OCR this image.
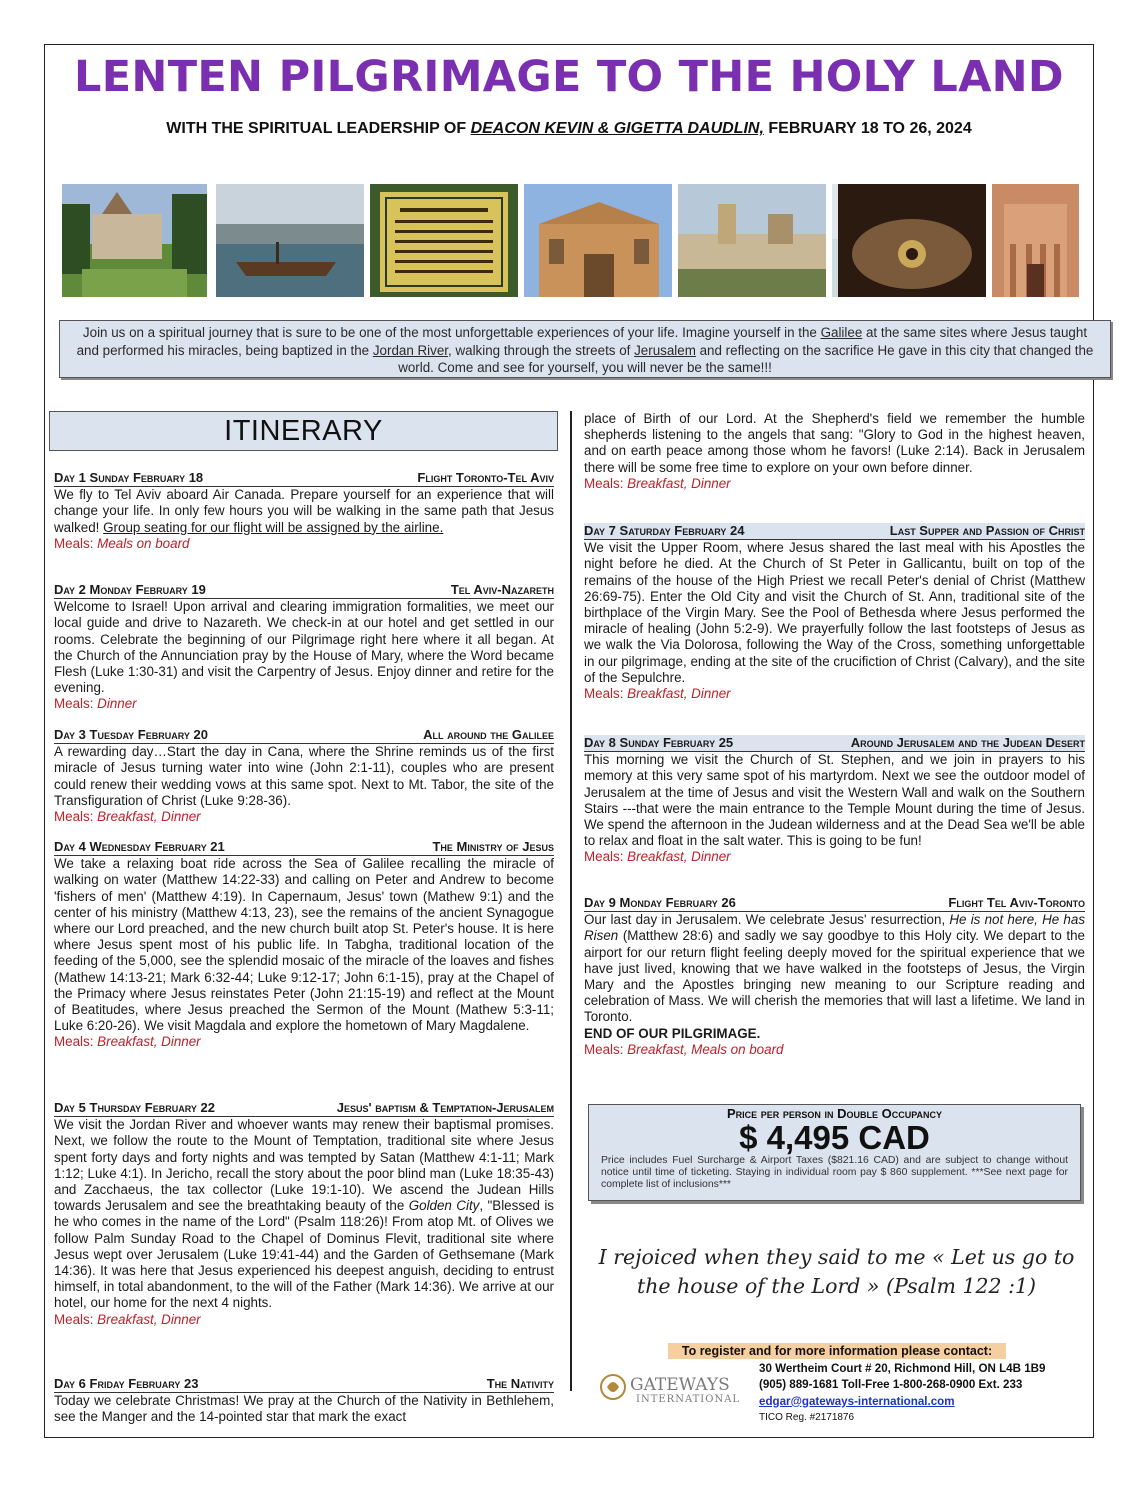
LENTEN PILGRIMAGE TO THE HOLY LAND
WITH THE SPIRITUAL LEADERSHIP OF DEACON KEVIN & GIGETTA DAUDLIN, FEBRUARY 18 TO 26, 2024
Join us on a spiritual journey that is sure to be one of the most unforgettable experiences of your life. Imagine yourself in the Galilee at the same sites where Jesus taught and performed his miracles, being baptized in the Jordan River, walking through the streets of Jerusalem and reflecting on the sacrifice He gave in this city that changed the world. Come and see for yourself, you will never be the same!!!
ITINERARY
Day 1 Sunday February 18	Flight Toronto-Tel Aviv
We fly to Tel Aviv aboard Air Canada. Prepare yourself for an experience that will change your life. In only few hours you will be walking in the same path that Jesus walked! Group seating for our flight will be assigned by the airline.
Meals: Meals on board
Day 2 Monday February 19	Tel Aviv-Nazareth
Welcome to Israel! Upon arrival and clearing immigration formalities, we meet our local guide and drive to Nazareth. We check-in at our hotel and get settled in our rooms. Celebrate the beginning of our Pilgrimage right here where it all began. At the Church of the Annunciation pray by the House of Mary, where the Word became Flesh (Luke 1:30-31) and visit the Carpentry of Jesus. Enjoy dinner and retire for the evening.
Meals: Dinner
Day 3 Tuesday February 20	All around the Galilee
A rewarding day…Start the day in Cana, where the Shrine reminds us of the first miracle of Jesus turning water into wine (John 2:1-11), couples who are present could renew their wedding vows at this same spot. Next to Mt. Tabor, the site of the Transfiguration of Christ (Luke 9:28-36).
Meals: Breakfast, Dinner
Day 4 Wednesday February 21	The Ministry of Jesus
We take a relaxing boat ride across the Sea of Galilee recalling the miracle of walking on water (Matthew 14:22-33) and calling on Peter and Andrew to become 'fishers of men' (Matthew 4:19). In Capernaum, Jesus' town (Mathew 9:1) and the center of his ministry (Matthew 4:13, 23), see the remains of the ancient Synagogue where our Lord preached, and the new church built atop St. Peter's house. It is here where Jesus spent most of his public life. In Tabgha, traditional location of the feeding of the 5,000, see the splendid mosaic of the miracle of the loaves and fishes (Mathew 14:13-21; Mark 6:32-44; Luke 9:12-17; John 6:1-15), pray at the Chapel of the Primacy where Jesus reinstates Peter (John 21:15-19) and reflect at the Mount of Beatitudes, where Jesus preached the Sermon of the Mount (Mathew 5:3-11; Luke 6:20-26). We visit Magdala and explore the hometown of Mary Magdalene.
Meals: Breakfast, Dinner
Day 5 Thursday February 22	Jesus' baptism & Temptation-Jerusalem
We visit the Jordan River and whoever wants may renew their baptismal promises. Next, we follow the route to the Mount of Temptation, traditional site where Jesus spent forty days and forty nights and was tempted by Satan (Matthew 4:1-11; Mark 1:12; Luke 4:1). In Jericho, recall the story about the poor blind man (Luke 18:35-43) and Zacchaeus, the tax collector (Luke 19:1-10). We ascend the Judean Hills towards Jerusalem and see the breathtaking beauty of the Golden City, "Blessed is he who comes in the name of the Lord" (Psalm 118:26)! From atop Mt. of Olives we follow Palm Sunday Road to the Chapel of Dominus Flevit, traditional site where Jesus wept over Jerusalem (Luke 19:41-44) and the Garden of Gethsemane (Mark 14:36). It was here that Jesus experienced his deepest anguish, deciding to entrust himself, in total abandonment, to the will of the Father (Mark 14:36). We arrive at our hotel, our home for the next 4 nights.
Meals: Breakfast, Dinner
Day 6 Friday February 23	The Nativity
Today we celebrate Christmas! We pray at the Church of the Nativity in Bethlehem, see the Manger and the 14-pointed star that mark the exact
place of Birth of our Lord. At the Shepherd's field we remember the humble shepherds listening to the angels that sang: "Glory to God in the highest heaven, and on earth peace among those whom he favors! (Luke 2:14). Back in Jerusalem there will be some free time to explore on your own before dinner.
Meals: Breakfast, Dinner
Day 7 Saturday February 24	Last Supper and Passion of Christ
We visit the Upper Room, where Jesus shared the last meal with his Apostles the night before he died. At the Church of St Peter in Gallicantu, built on top of the remains of the house of the High Priest we recall Peter's denial of Christ (Matthew 26:69-75). Enter the Old City and visit the Church of St. Ann, traditional site of the birthplace of the Virgin Mary. See the Pool of Bethesda where Jesus performed the miracle of healing (John 5:2-9). We prayerfully follow the last footsteps of Jesus as we walk the Via Dolorosa, following the Way of the Cross, something unforgettable in our pilgrimage, ending at the site of the crucifiction of Christ (Calvary), and the site of the Sepulchre.
Meals: Breakfast, Dinner
Day 8 Sunday February 25	Around Jerusalem and the Judean Desert
This morning we visit the Church of St. Stephen, and we join in prayers to his memory at this very same spot of his martyrdom. Next we see the outdoor model of Jerusalem at the time of Jesus and visit the Western Wall and walk on the Southern Stairs ---that were the main entrance to the Temple Mount during the time of Jesus. We spend the afternoon in the Judean wilderness and at the Dead Sea we'll be able to relax and float in the salt water. This is going to be fun!
Meals: Breakfast, Dinner
Day 9 Monday February 26	Flight Tel Aviv-Toronto
Our last day in Jerusalem. We celebrate Jesus' resurrection, He is not here, He has Risen (Matthew 28:6) and sadly we say goodbye to this Holy city. We depart to the airport for our return flight feeling deeply moved for the spiritual experience that we have just lived, knowing that we have walked in the footsteps of Jesus, the Virgin Mary and the Apostles bringing new meaning to our Scripture reading and celebration of Mass. We will cherish the memories that will last a lifetime. We land in Toronto.
END OF OUR PILGRIMAGE.
Meals: Breakfast, Meals on board
Price per person in Double Occupancy
$ 4,495 CAD
Price includes Fuel Surcharge & Airport Taxes ($821.16 CAD) and are subject to change without notice until time of ticketing. Staying in individual room pay $ 860 supplement. ***See next page for complete list of inclusions***
I rejoiced when they said to me « Let us go to the house of the Lord » (Psalm 122 :1)
To register and for more information please contact:
GATEWAYS
INTERNATIONAL
30 Wertheim Court # 20, Richmond Hill, ON L4B 1B9
(905) 889-1681 Toll-Free 1-800-268-0900 Ext. 233
edgar@gateways-international.com
TICO Reg. #2171876
